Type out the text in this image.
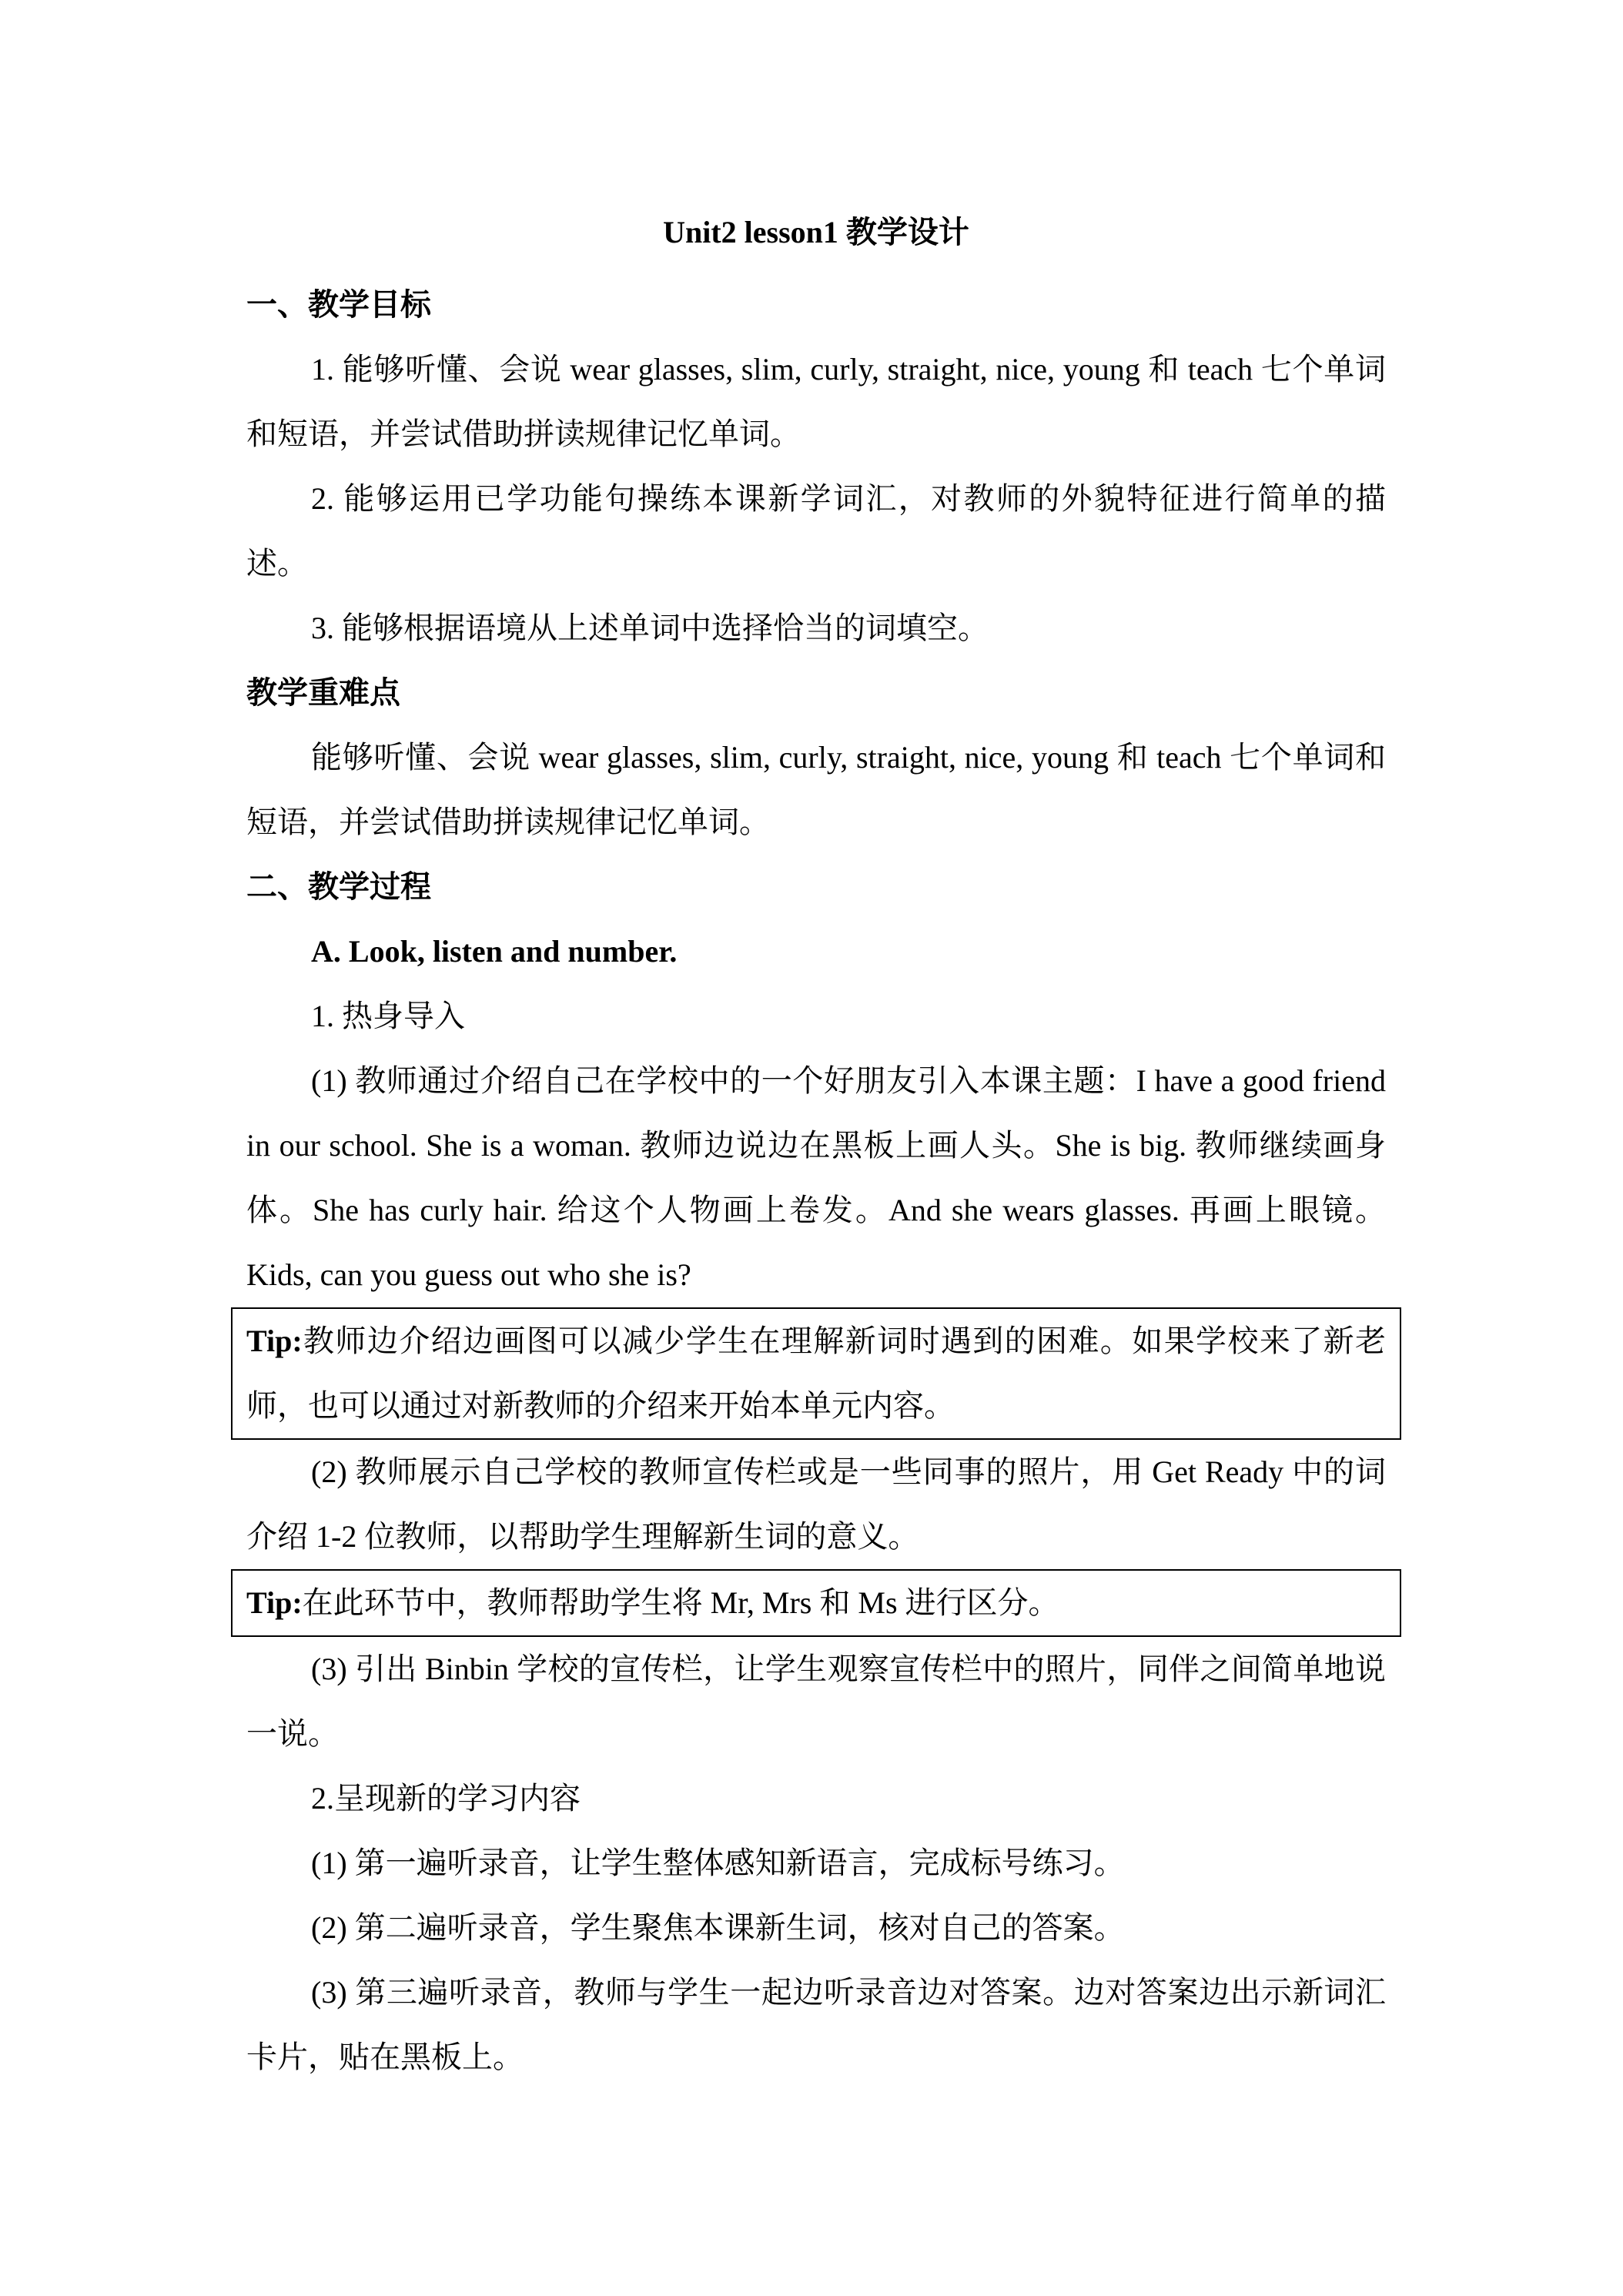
Unit2 lesson1 教学设计

一、教学目标

1. 能够听懂、会说 wear glasses, slim, curly, straight, nice, young 和 teach 七个单词和短语，并尝试借助拼读规律记忆单词。

2. 能够运用已学功能句操练本课新学词汇，对教师的外貌特征进行简单的描述。

3. 能够根据语境从上述单词中选择恰当的词填空。

教学重难点

能够听懂、会说 wear glasses, slim, curly, straight, nice, young 和 teach 七个单词和短语，并尝试借助拼读规律记忆单词。

二、教学过程

A. Look, listen and number.

1. 热身导入

(1) 教师通过介绍自己在学校中的一个好朋友引入本课主题：I have a good friend in our school. She is a woman. 教师边说边在黑板上画人头。She is big. 教师继续画身体。She has curly hair. 给这个人物画上卷发。And she wears glasses. 再画上眼镜。Kids, can you guess out who she is?

Tip:教师边介绍边画图可以减少学生在理解新词时遇到的困难。如果学校来了新老师，也可以通过对新教师的介绍来开始本单元内容。

(2) 教师展示自己学校的教师宣传栏或是一些同事的照片，用 Get Ready 中的词介绍 1-2 位教师，以帮助学生理解新生词的意义。

Tip:在此环节中，教师帮助学生将 Mr, Mrs 和 Ms 进行区分。

(3) 引出 Binbin 学校的宣传栏，让学生观察宣传栏中的照片，同伴之间简单地说一说。

2.呈现新的学习内容

(1) 第一遍听录音，让学生整体感知新语言，完成标号练习。

(2) 第二遍听录音，学生聚焦本课新生词，核对自己的答案。

(3) 第三遍听录音，教师与学生一起边听录音边对答案。边对答案边出示新词汇卡片，贴在黑板上。
